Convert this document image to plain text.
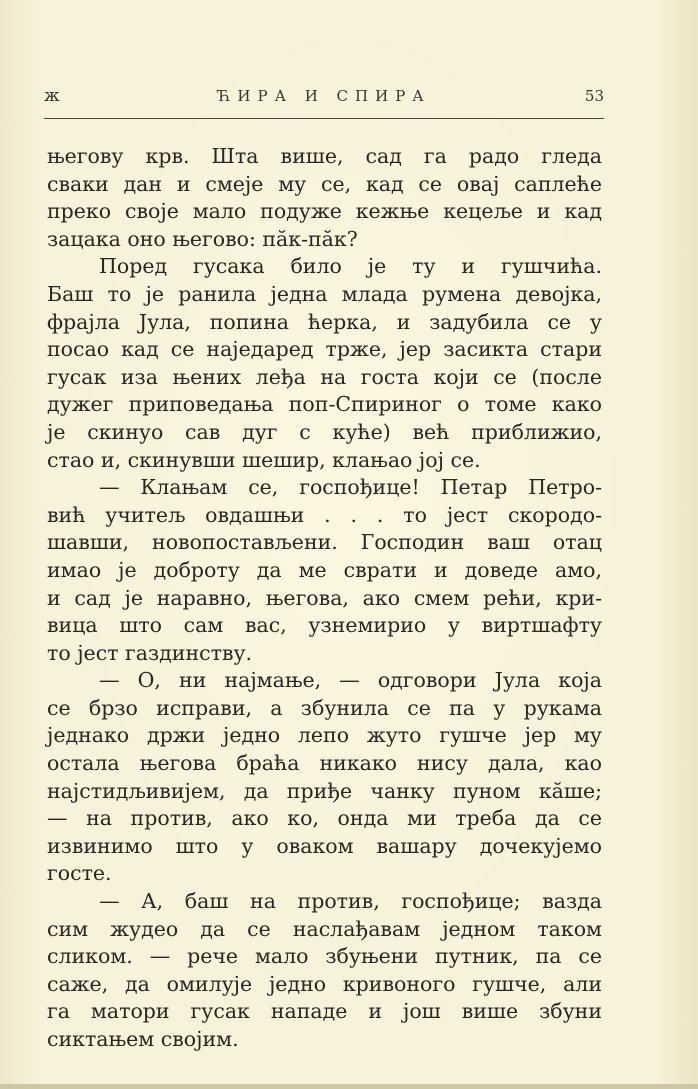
ж	ЋИРА И СПИРА	53
његову крв. Шта више, сад га радо гледа
сваки дан и смеје му се, кад се овај саплеће
преко своје мало подуже кежње кецеље и кад
зацака оно његово: пăк-пăк?
Поред гусака било је ту и гушчића.
Баш то је ранила једна млада румена девојка,
фрајла Јула, попина ћерка, и задубила се у
посао кад се наједаред трже, јер засикта стари
гусак иза њених леђа на госта који се (после
дужег приповедања поп-Спириног о томе како
је скинуо сав дуг с куће) већ приближио,
стао и, скинувши шешир, клањао јој се.
— Клањам се, госпођице! Петар Петро-
вић учитељ овдашњи . . . то јест скородо-
шавши, новопостављени. Господин ваш отац
имао је доброту да ме сврати и доведе амо,
и сад је наравно, његова, ако смем рећи, кри-
вица што сам вас, узнемирио у виртшафту
то јест газдинству.
— О, ни најмање, — одговори Јула која
се брзо исправи, а збунила се па у рукама
једнако држи једно лепо жуто гушче јер му
остала његова браћа никако нису дала, као
најстидљивијем, да приђе чанку пуном кăше;
— на против, ако ко, онда ми треба да се
извинимо што у оваком вашару дочекујемо
госте.
— А, баш на против, госпођице; вазда
сим жудео да се наслађавам једном таком
сликом. — рече мало збуњени путник, па се
саже, да омилује једно кривоного гушче, али
га матори гусак нападе и још више збуни
сиктањем својим.
